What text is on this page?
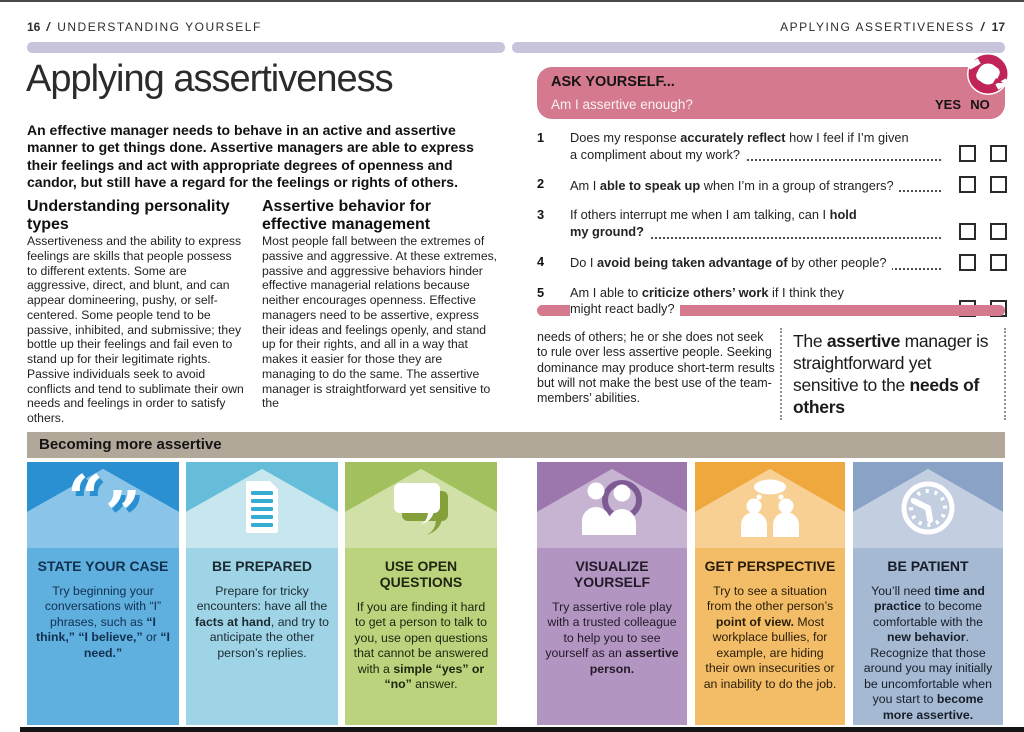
16 / UNDERSTANDING YOURSELF	APPLYING ASSERTIVENESS / 17
Applying assertiveness
An effective manager needs to behave in an active and assertive manner to get things done. Assertive managers are able to express their feelings and act with appropriate degrees of openness and candor, but still have a regard for the feelings or rights of others.
Understanding personality types
Assertiveness and the ability to express feelings are skills that people possess to different extents. Some are aggressive, direct, and blunt, and can appear domineering, pushy, or self-centered. Some people tend to be passive, inhibited, and submissive; they bottle up their feelings and fail even to stand up for their legitimate rights. Passive individuals seek to avoid conflicts and tend to sublimate their own needs and feelings in order to satisfy others.
Assertive behavior for effective management
Most people fall between the extremes of passive and aggressive. At these extremes, passive and aggressive behaviors hinder effective managerial relations because neither encourages openness. Effective managers need to be assertive, express their ideas and feelings openly, and stand up for their rights, and all in a way that makes it easier for those they are managing to do the same. The assertive manager is straightforward yet sensitive to the
ASK YOURSELF...
Am I assertive enough?	YES NO
1	Does my response accurately reflect how I feel if I’m given
a compliment about my work?
2	Am I able to speak up when I’m in a group of strangers?
3	If others interrupt me when I am talking, can I hold
my ground?
4	Do I avoid being taken advantage of by other people?
5	Am I able to criticize others’ work if I think they
might react badly?
needs of others; he or she does not seek to rule over less assertive people. Seeking dominance may produce short-term results but will not make the best use of the team-members’ abilities.
The assertive manager is straightforward yet sensitive to the needs of others
Becoming more assertive
“”
STATE YOUR CASE
Try beginning your conversations with “I” phrases, such as “I think,” “I believe,” or “I need.”
BE PREPARED
Prepare for tricky encounters: have all the facts at hand, and try to anticipate the other person’s replies.
USE OPEN QUESTIONS
If you are finding it hard to get a person to talk to you, use open questions that cannot be answered with a simple “yes” or “no” answer.
VISUALIZE YOURSELF
Try assertive role play with a trusted colleague to help you to see yourself as an assertive person.
GET PERSPECTIVE
Try to see a situation from the other person’s point of view. Most workplace bullies, for example, are hiding their own insecurities or an inability to do the job.
BE PATIENT
You’ll need time and practice to become comfortable with the new behavior. Recognize that those around you may initially be uncomfortable when you start to become more assertive.
